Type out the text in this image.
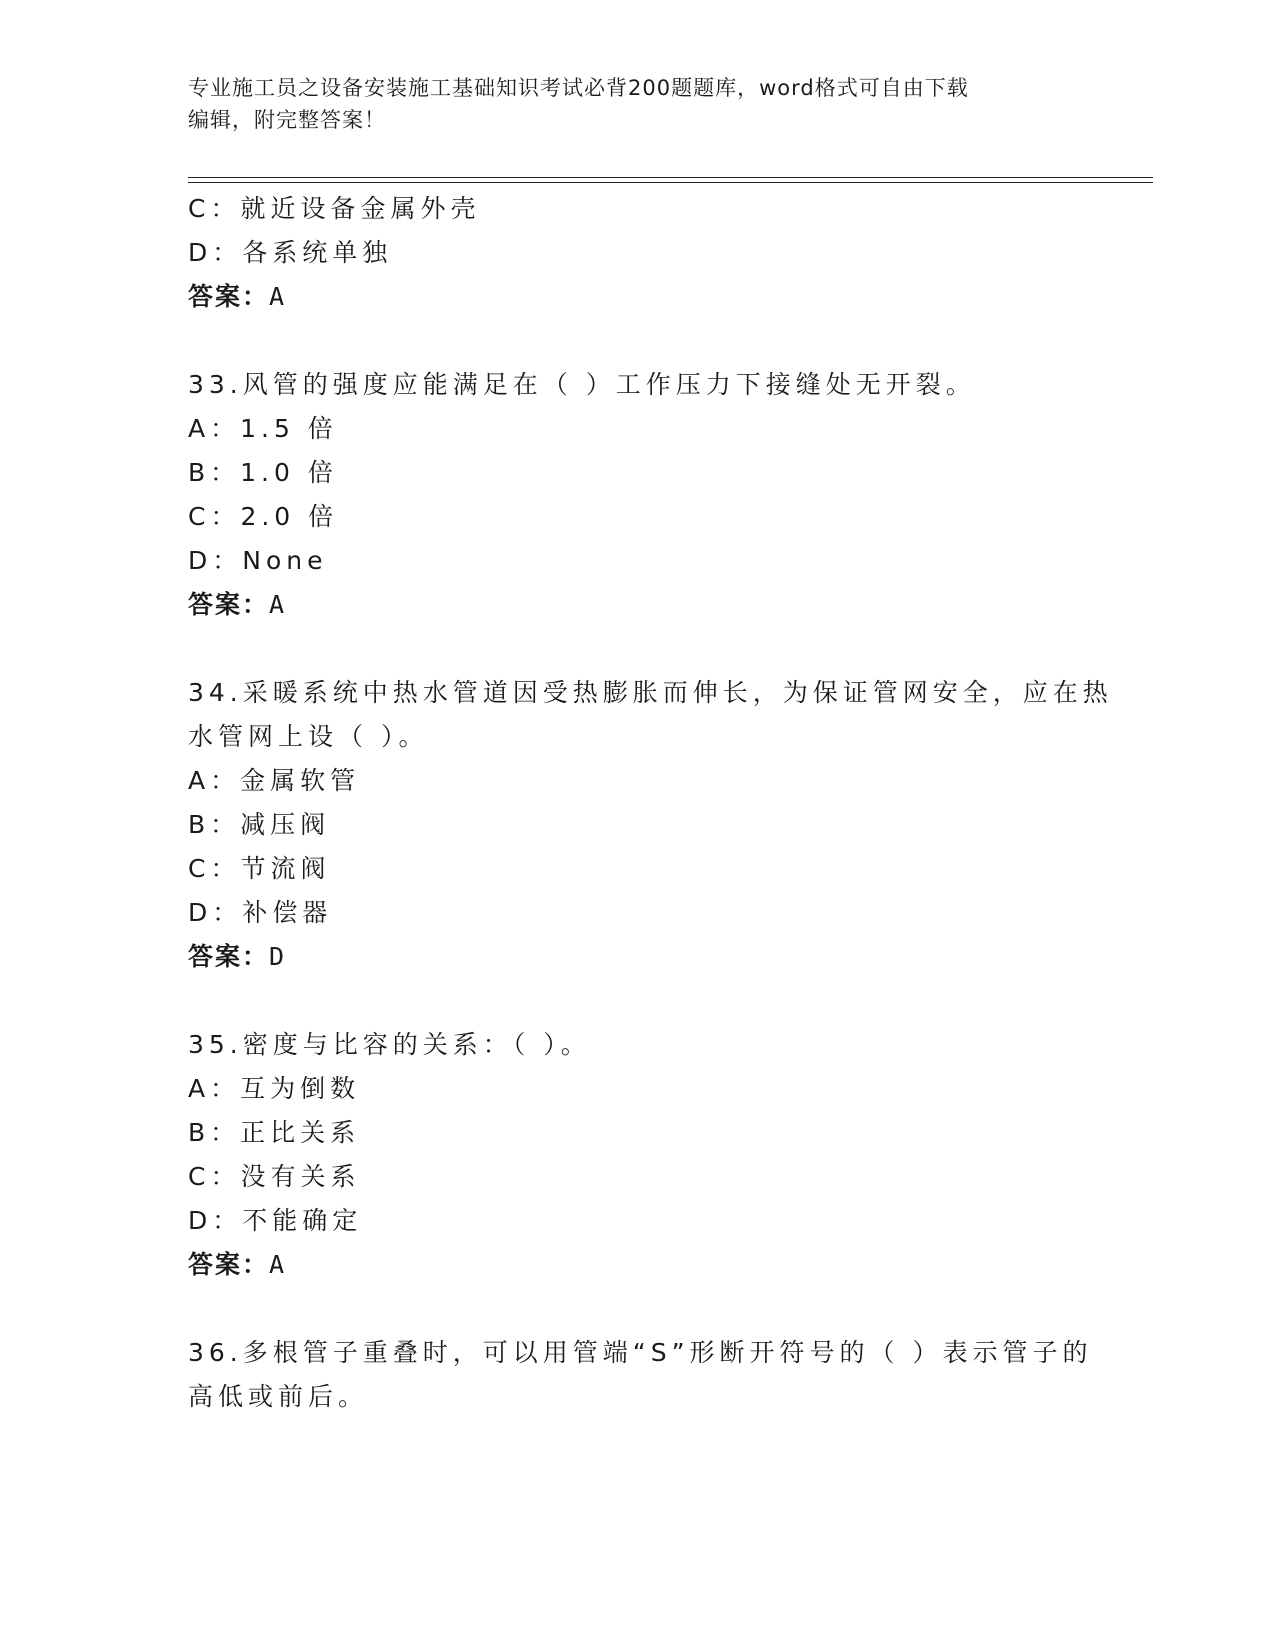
专业施工员之设备安装施工基础知识考试必背200题题库，word格式可自由下载
编辑，附完整答案！
C：就近设备金属外壳
D：各系统单独
答案：A
33.风管的强度应能满足在（ ）工作压力下接缝处无开裂。
A：1.5 倍
B：1.0 倍
C：2.0 倍
D：None
答案：A
34.采暖系统中热水管道因受热膨胀而伸长，为保证管网安全，应在热
水管网上设（ ）。
A：金属软管
B：减压阀
C：节流阀
D：补偿器
答案：D
35.密度与比容的关系：（ ）。
A：互为倒数
B：正比关系
C：没有关系
D：不能确定
答案：A
36.多根管子重叠时，可以用管端“S”形断开符号的（ ）表示管子的
高低或前后。
